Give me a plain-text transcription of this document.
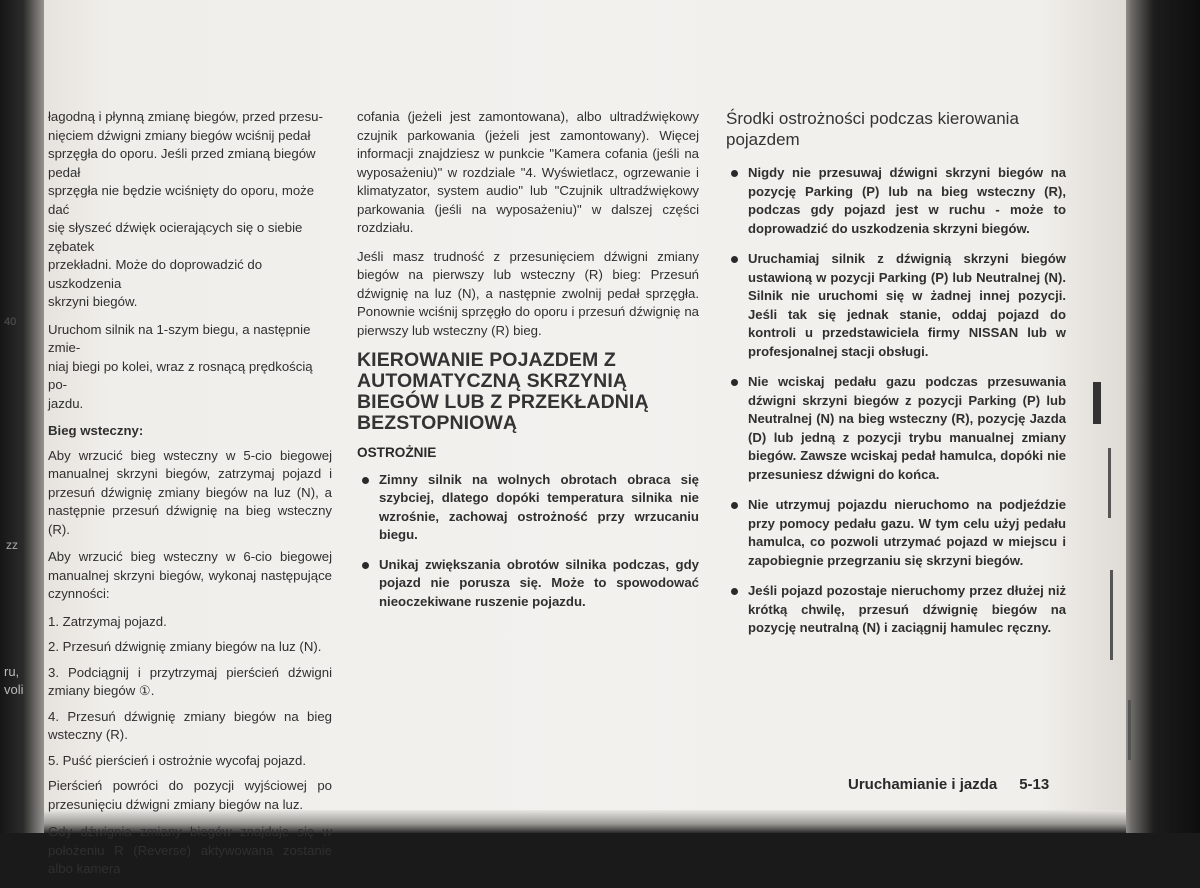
40
zz
ru,
voli
łagodną i płynną zmianę biegów, przed przesu-
nięciem dźwigni zmiany biegów wciśnij pedał
sprzęgła do oporu. Jeśli przed zmianą biegów pedał
sprzęgła nie będzie wciśnięty do oporu, może dać
się słyszeć dźwięk ocierających się o siebie zębatek
przekładni. Może do doprowadzić do uszkodzenia
skrzyni biegów.
Uruchom silnik na 1-szym biegu, a następnie zmie-
niaj biegi po kolei, wraz z rosnącą prędkością po-
jazdu.
Bieg wsteczny:

Aby wrzucić bieg wsteczny w 5-cio biegowej manualnej skrzyni biegów, zatrzymaj pojazd i przesuń dźwignię zmiany biegów na luz (N), a następnie przesuń dźwignię na bieg wsteczny (R).

Aby wrzucić bieg wsteczny w 6-cio biegowej manualnej skrzyni biegów, wykonaj następujące czynności:

1. Zatrzymaj pojazd.

2. Przesuń dźwignię zmiany biegów na luz (N).

3. Podciągnij i przytrzymaj pierścień dźwigni zmiany biegów ①.

4. Przesuń dźwignię zmiany biegów na bieg wsteczny (R).

5. Puść pierścień i ostrożnie wycofaj pojazd.

Pierścień powróci do pozycji wyjściowej po przesunięciu dźwigni zmiany biegów na luz.

Gdy dźwignia zmiany biegów znajduje się w położeniu R (Reverse) aktywowana zostanie albo kamera

cofania (jeżeli jest zamontowana), albo ultradźwiękowy czujnik parkowania (jeżeli jest zamontowany). Więcej informacji znajdziesz w punkcie "Kamera cofania (jeśli na wyposażeniu)" w rozdziale "4. Wyświetlacz, ogrzewanie i klimatyzator, system audio" lub "Czujnik ultradźwiękowy parkowania (jeśli na wyposażeniu)" w dalszej części rozdziału.

Jeśli masz trudność z przesunięciem dźwigni zmiany biegów na pierwszy lub wsteczny (R) bieg: Przesuń dźwignię na luz (N), a następnie zwolnij pedał sprzęgła. Ponownie wciśnij sprzęgło do oporu i przesuń dźwignię na pierwszy lub wsteczny (R) bieg.

KIEROWANIE POJAZDEM Z
AUTOMATYCZNĄ SKRZYNIĄ
BIEGÓW LUB Z PRZEKŁADNIĄ
BEZSTOPNIOWĄ
OSTROŻNIE
Zimny silnik na wolnych obrotach obraca się szybciej, dlatego dopóki temperatura silnika nie wzrośnie, zachowaj ostrożność przy wrzucaniu biegu.
Unikaj zwiększania obrotów silnika podczas, gdy pojazd nie porusza się. Może to spowodować nieoczekiwane ruszenie pojazdu.
Środki ostrożności podczas kierowania
pojazdem
Nigdy nie przesuwaj dźwigni skrzyni biegów na pozycję Parking (P) lub na bieg wsteczny (R), podczas gdy pojazd jest w ruchu - może to doprowadzić do uszkodzenia skrzyni biegów.
Uruchamiaj silnik z dźwignią skrzyni biegów ustawioną w pozycji Parking (P) lub Neutralnej (N). Silnik nie uruchomi się w żadnej innej pozycji. Jeśli tak się jednak stanie, oddaj pojazd do kontroli u przedstawiciela firmy NISSAN lub w profesjonalnej stacji obsługi.
Nie wciskaj pedału gazu podczas przesuwania dźwigni skrzyni biegów z pozycji Parking (P) lub Neutralnej (N) na bieg wsteczny (R), pozycję Jazda (D) lub jedną z pozycji trybu manualnej zmiany biegów. Zawsze wciskaj pedał hamulca, dopóki nie przesuniesz dźwigni do końca.
Nie utrzymuj pojazdu nieruchomo na podjeździe przy pomocy pedału gazu. W tym celu użyj pedału hamulca, co pozwoli utrzymać pojazd w miejscu i zapobiegnie przegrzaniu się skrzyni biegów.
Jeśli pojazd pozostaje nieruchomy przez dłużej niż krótką chwilę, przesuń dźwignię biegów na pozycję neutralną (N) i zaciągnij hamulec ręczny.
Uruchamianie i jazda 5-13
